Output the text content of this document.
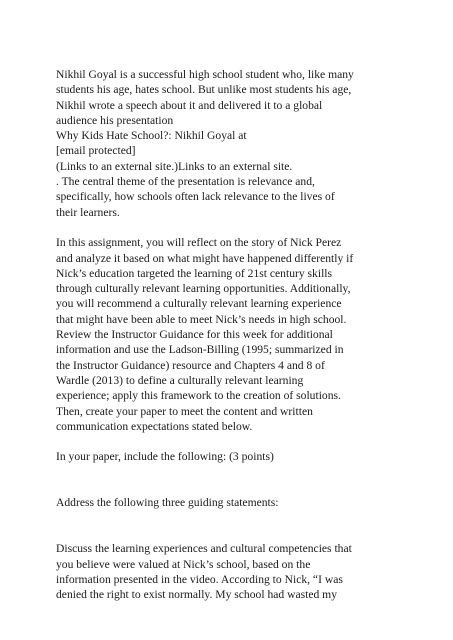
Nikhil Goyal is a successful high school student who, like many
students his age, hates school. But unlike most students his age,
Nikhil wrote a speech about it and delivered it to a global
audience his presentation
Why Kids Hate School?: Nikhil Goyal at
[email protected]
(Links to an external site.)Links to an external site.
. The central theme of the presentation is relevance and,
specifically, how schools often lack relevance to the lives of
their learners.
In this assignment, you will reflect on the story of Nick Perez
and analyze it based on what might have happened differently if
Nick’s education targeted the learning of 21st century skills
through culturally relevant learning opportunities. Additionally,
you will recommend a culturally relevant learning experience
that might have been able to meet Nick’s needs in high school.
Review the Instructor Guidance for this week for additional
information and use the Ladson-Billing (1995; summarized in
the Instructor Guidance) resource and Chapters 4 and 8 of
Wardle (2013) to define a culturally relevant learning
experience; apply this framework to the creation of solutions.
Then, create your paper to meet the content and written
communication expectations stated below.
In your paper, include the following: (3 points)
Address the following three guiding statements:
Discuss the learning experiences and cultural competencies that
you believe were valued at Nick’s school, based on the
information presented in the video. According to Nick, “I was
denied the right to exist normally. My school had wasted my
